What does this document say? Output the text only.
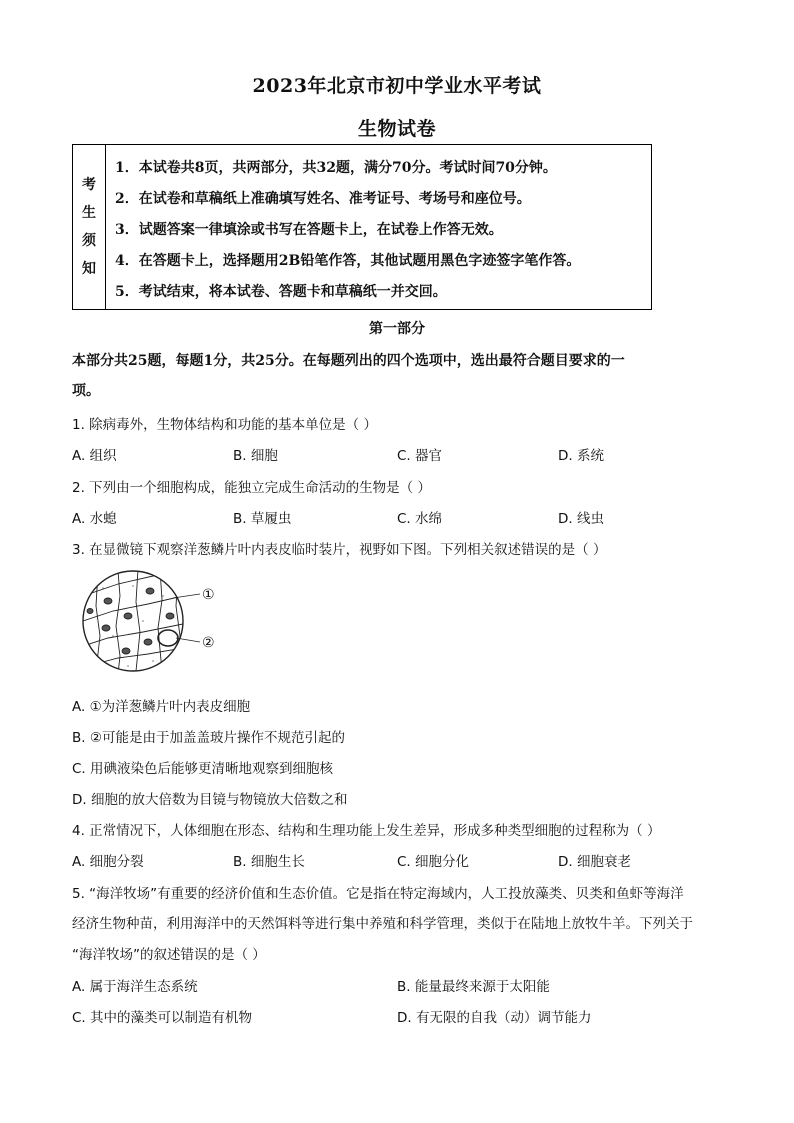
2023年北京市初中学业水平考试
生物试卷
考
生
须
知
1．本试卷共8页，共两部分，共32题，满分70分。考试时间70分钟。
2．在试卷和草稿纸上准确填写姓名、准考证号、考场号和座位号。
3．试题答案一律填涂或书写在答题卡上，在试卷上作答无效。
4．在答题卡上，选择题用2B铅笔作答，其他试题用黑色字迹签字笔作答。
5．考试结束，将本试卷、答题卡和草稿纸一并交回。
第一部分
本部分共25题，每题1分，共25分。在每题列出的四个选项中，选出最符合题目要求的一
项。
1. 除病毒外，生物体结构和功能的基本单位是（ ）
A. 组织	B. 细胞	C. 器官	D. 系统
2. 下列由一个细胞构成，能独立完成生命活动的生物是（ ）
A. 水螅	B. 草履虫	C. 水绵	D. 线虫
3. 在显微镜下观察洋葱鳞片叶内表皮临时装片，视野如下图。下列相关叙述错误的是（ ）
①
②
A. ①为洋葱鳞片叶内表皮细胞
B. ②可能是由于加盖盖玻片操作不规范引起的
C. 用碘液染色后能够更清晰地观察到细胞核
D. 细胞的放大倍数为目镜与物镜放大倍数之和
4. 正常情况下，人体细胞在形态、结构和生理功能上发生差异，形成多种类型细胞的过程称为（ ）
A. 细胞分裂	B. 细胞生长	C. 细胞分化	D. 细胞衰老
5. “海洋牧场”有重要的经济价值和生态价值。它是指在特定海域内，人工投放藻类、贝类和鱼虾等海洋
经济生物种苗，利用海洋中的天然饵料等进行集中养殖和科学管理，类似于在陆地上放牧牛羊。下列关于
“海洋牧场”的叙述错误的是（ ）
A. 属于海洋生态系统	B. 能量最终来源于太阳能
C. 其中的藻类可以制造有机物	D. 有无限的自我（动）调节能力
